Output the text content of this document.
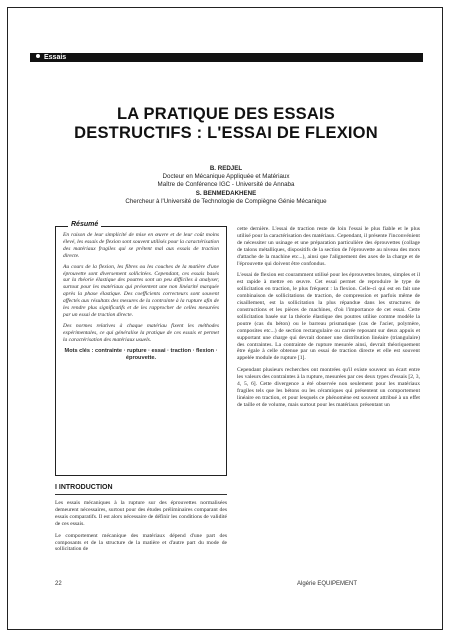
Essais
LA PRATIQUE DES ESSAIS
DESTRUCTIFS : L'ESSAI DE FLEXION
B. REDJEL
Docteur en Mécanique Appliquée et Matériaux
Maître de Conférence IGC - Université de Annaba
S. BENMEDAKHENE
Chercheur à l'Université de Technologie de Compiègne Génie Mécanique
Résumé

En raison de leur simplicité de mise en œuvre et de leur coût moins élevé, les essais de flexion sont souvent utilisés pour la caractérisation des matériaux fragiles qui se prêtent mal aux essais de traction directe.

Au cours de la flexion, les fibres ou les couches de la matière d'une éprouvette sont diversement sollicitées. Cependant, ces essais basés sur la théorie élastique des poutres sont un peu difficiles à analyser, surtout pour les matériaux qui présentent une non linéarité marquée après la phase élastique. Des coefficients correcteurs sont souvent affectés aux résultats des mesures de la contrainte à la rupture afin de les rendre plus significatifs et de les rapprocher de celles mesurées par un essai de traction directe.

Des normes relatives à chaque matériau fixent les méthodes expérimentales, ce qui généralise la pratique de ces essais et permet la caractérisation des matériaux usuels.

Mots clés : contrainte · rupture · essai · traction · flexion · éprouvette.

I INTRODUCTION

Les essais mécaniques à la rupture sur des éprouvettes normalisées demeurent nécessaires, surtout pour des études préliminaires comparant des essais comparatifs. Il est alors nécessaire de définir les conditions de validité de ces essais.

Le comportement mécanique des matériaux dépend d'une part des composants et de la structure de la matière et d'autre part du mode de sollicitation de

cette dernière. L'essai de traction reste de loin l'essai le plus fiable et le plus utilisé pour la caractérisation des matériaux. Cependant, il présente l'inconvénient de nécessiter un usinage et une préparation particulière des éprouvettes (collage de talons métalliques, dispositifs de la section de l'éprouvette au niveau des mors d'attache de la machine etc...), ainsi que l'alignement des axes de la charge et de l'éprouvette qui doivent être confondus.

L'essai de flexion est couramment utilisé pour les éprouvettes brutes, simples et il est rapide à mettre en œuvre. Cet essai permet de reproduire le type de sollicitation en traction, le plus fréquent : la flexion. Celle-ci qui est en fait une combinaison de sollicitations de traction, de compression et parfois même de cisaillement, est la sollicitation la plus répandue dans les structures de constructions et les pièces de machines, d'où l'importance de cet essai. Cette sollicitation basée sur la théorie élastique des poutres utilise comme modèle la poutre (cas du béton) ou le barreau prismatique (cas de l'acier, polymère, composites etc...) de section rectangulaire ou carrée reposant sur deux appuis et supportant une charge qui devrait donner une distribution linéaire (triangulaire) des contraintes. La contrainte de rupture mesurée ainsi, devrait théoriquement être égale à celle obtenue par un essai de traction directe et elle est souvent appelée module de rupture [1].

Cependant plusieurs recherches ont montrées qu'il existe souvent un écart entre les valeurs des contraintes à la rupture, mesurées par ces deux types d'essais [2, 3, 4, 5, 6]. Cette divergence a été observée non seulement pour les matériaux fragiles tels que les bétons ou les céramiques qui présentent un comportement linéaire en traction, et pour lesquels ce phénomène est souvent attribué à un effet de taille et de volume, mais surtout pour les matériaux présentant un

22	Algérie EQUIPEMENT
